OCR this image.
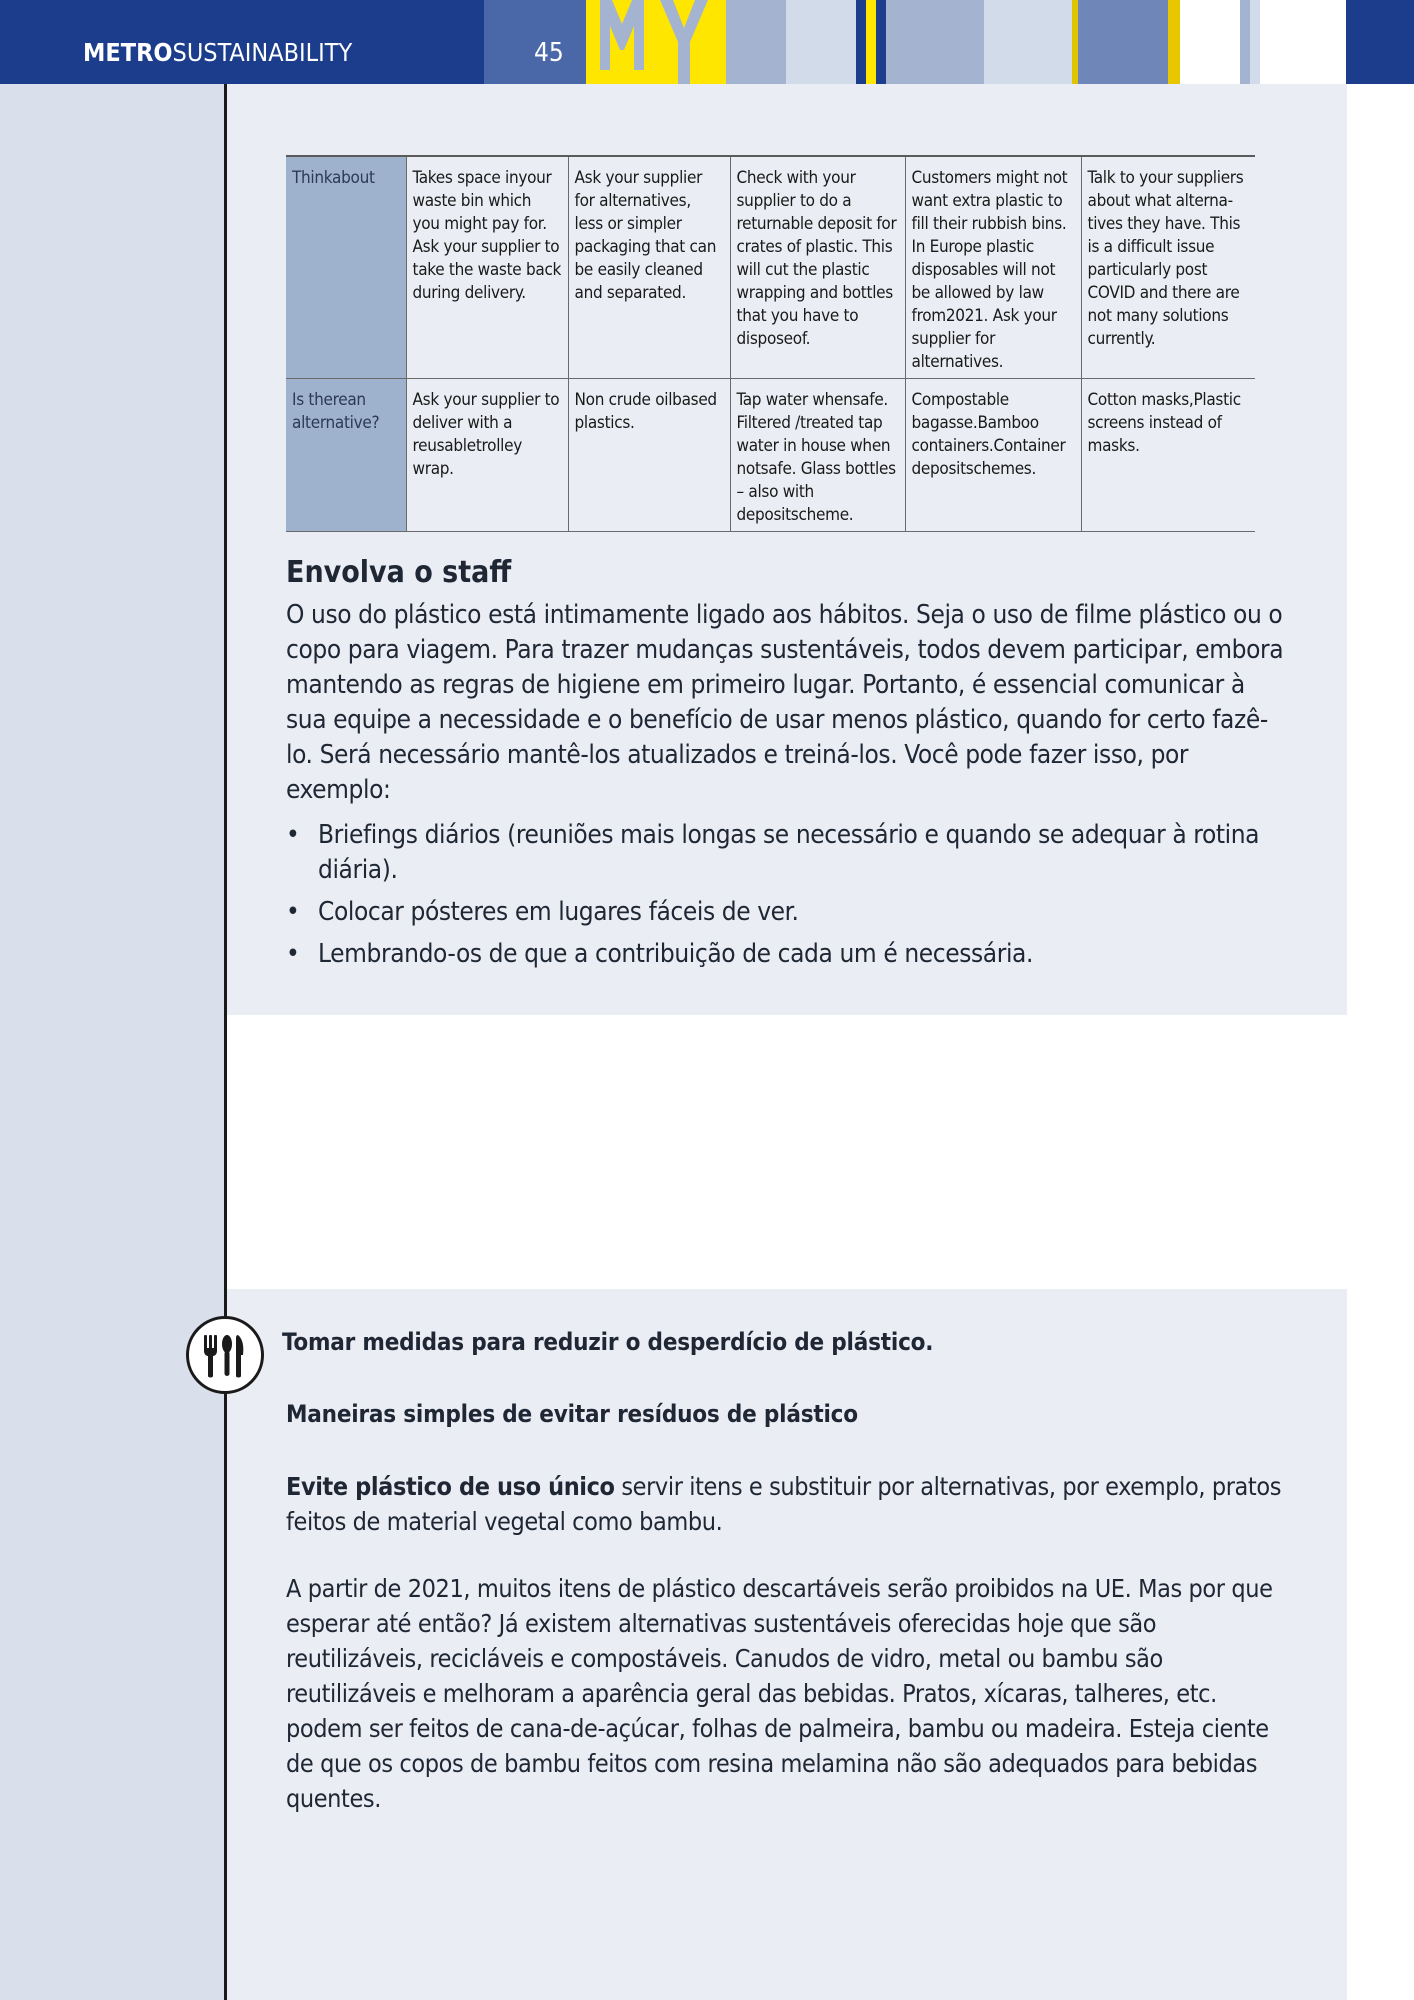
METROSUSTAINABILITY	45
Thinkabout	Takes space inyour waste bin which you might pay for. Ask your supplier to take the waste back during delivery.	Ask your supplier for alternatives, less or simpler packaging that can be easily cleaned and separated.	Check with your supplier to do a returnable deposit for crates of plastic. This will cut the plastic wrapping and bottles that you have to disposeof.	Customers might not want extra plastic to fill their rubbish bins. In Europe plastic disposables will not be allowed by law from2021. Ask your supplier for alternatives.	Talk to your suppliers about what alterna-tives they have. This is a difficult issue particularly post COVID and there are not many solutions currently.
Is therean alternative?	Ask your supplier to deliver with a reusabletrolley wrap.	Non crude oilbased plastics.	Tap water whensafe. Filtered /treated tap water in house when notsafe. Glass bottles – also with depositscheme.	Compostable bagasse.Bamboo containers.Container depositschemes.	Cotton masks,Plastic screens instead of masks.
Envolva o staff

O uso do plástico está intimamente ligado aos hábitos. Seja o uso de filme plástico ou o copo para viagem. Para trazer mudanças sustentáveis, todos devem participar, embora mantendo as regras de higiene em primeiro lugar. Portanto, é essencial comunicar à sua equipe a necessidade e o benefício de usar menos plástico, quando for certo fazê-lo. Será necessário mantê-los atualizados e treiná-los. Você pode fazer isso, por exemplo:

• Briefings diários (reuniões mais longas se necessário e quando se adequar à rotina diária).
• Colocar pósteres em lugares fáceis de ver.
• Lembrando-os de que a contribuição de cada um é necessária.
Tomar medidas para reduzir o desperdício de plástico.
Maneiras simples de evitar resíduos de plástico

Evite plástico de uso único servir itens e substituir por alternativas, por exemplo, pratos feitos de material vegetal como bambu.

A partir de 2021, muitos itens de plástico descartáveis serão proibidos na UE. Mas por que esperar até então? Já existem alternativas sustentáveis oferecidas hoje que são reutilizáveis, recicláveis e compostáveis. Canudos de vidro, metal ou bambu são reutilizáveis e melhoram a aparência geral das bebidas. Pratos, xícaras, talheres, etc. podem ser feitos de cana-de-açúcar, folhas de palmeira, bambu ou madeira. Esteja ciente de que os copos de bambu feitos com resina melamina não são adequados para bebidas quentes.
